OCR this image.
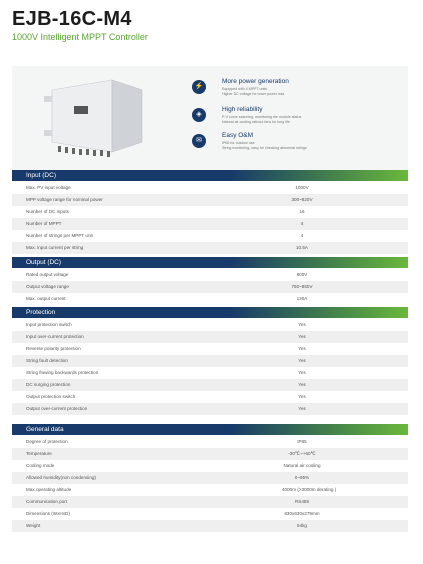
EJB-16C-M4
1000V Intelligent MPPT Controller
⚡
More power generation
Equipped with 4 MPPT units
Higher DC voltage for lower power loss
◈
High reliability
P-V curve scanning, monitoring the module status
Natural air cooling without fans for long life
✉
Easy O&M
IP65 for outdoor use
String monitoring, easy for checking abnormal strings
Input (DC)
Max. PV input voltage	1000V
MPP voltage range for nominal power	300~820V
Number of DC inputs	16
Number of MPPT	4
Number of strings per MPPT unit	4
Max. input current per string	10.5A
Output (DC)
Rated output voltage	800V
Output voltage range	750~850V
Max. output current	130A
Protection
Input protection switch	Yes
Input over-current protection	Yes
Reverse polarity protection	Yes
String fault detection	Yes
String flowing backwards protection	Yes
DC surging protection	Yes
Output protection switch	Yes
Output over-current protection	Yes
General data
Degree of protection	IP65
Temperature	-30℃~+60℃
Cooling mode	Natural air cooling
Allowed humidity(non condensing)	0~95%
Max.operating altitude	4000m (>3000m derating )
Communication port	RS485
Dimensions (WxHxD)	830x630x279mm
Weight	54kg
